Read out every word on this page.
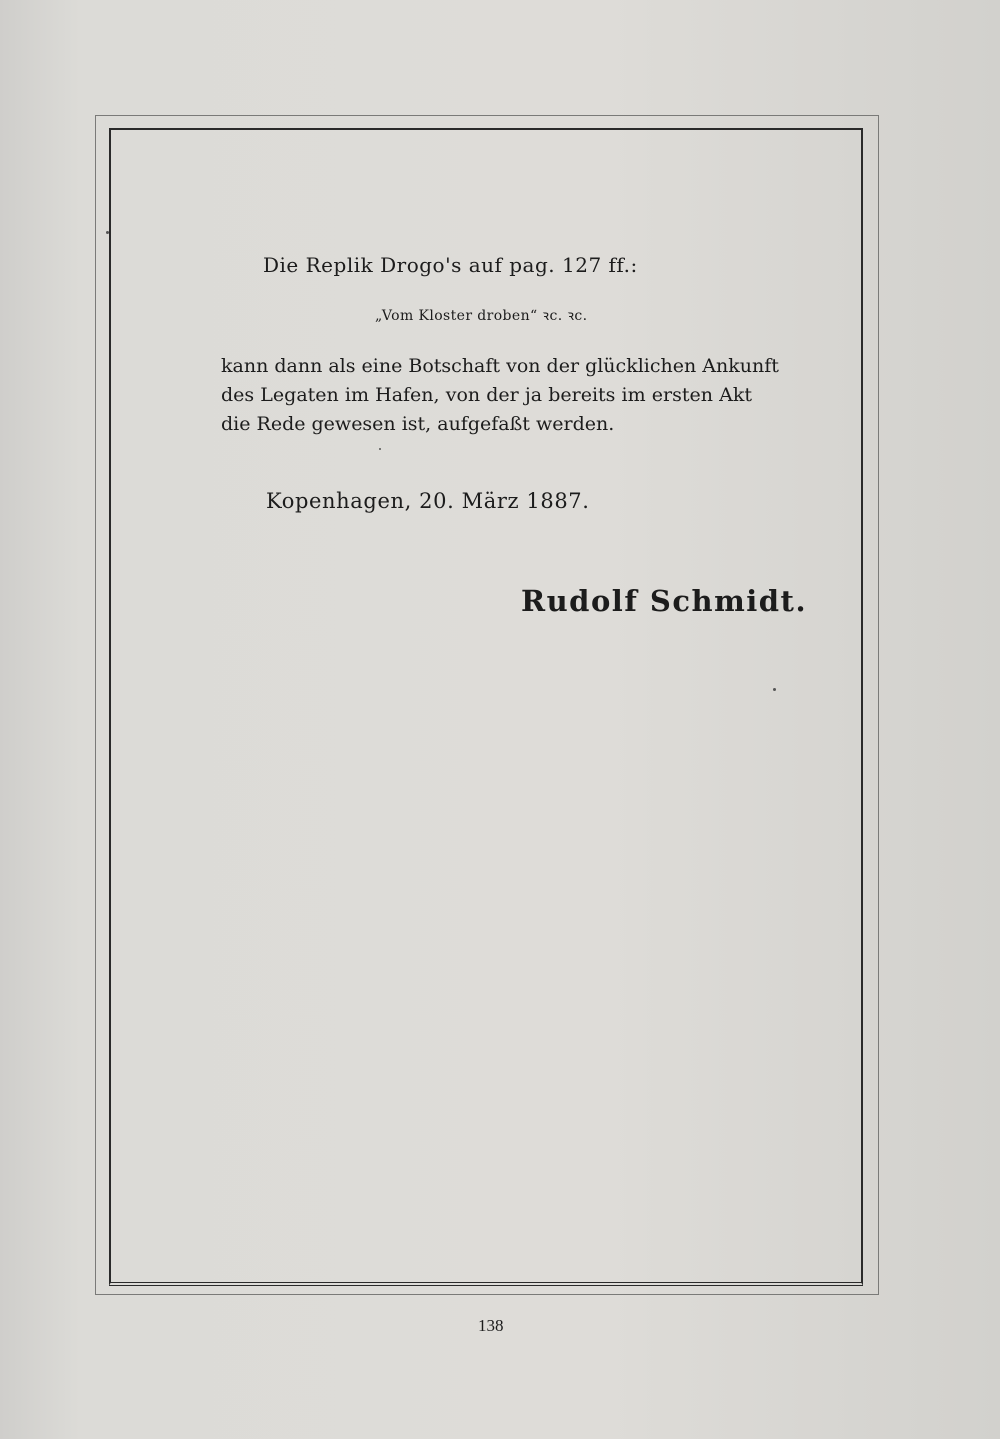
Die Replik Drogo's auf pag. 127 ff.:
„Vom Kloster droben“ ꝛc. ꝛc.
kann dann als eine Botschaft von der glücklichen Ankunft
des Legaten im Hafen, von der ja bereits im ersten Akt
die Rede gewesen ist, aufgefaßt werden.
Kopenhagen, 20. März 1887.
Rudolf Schmidt.
138
